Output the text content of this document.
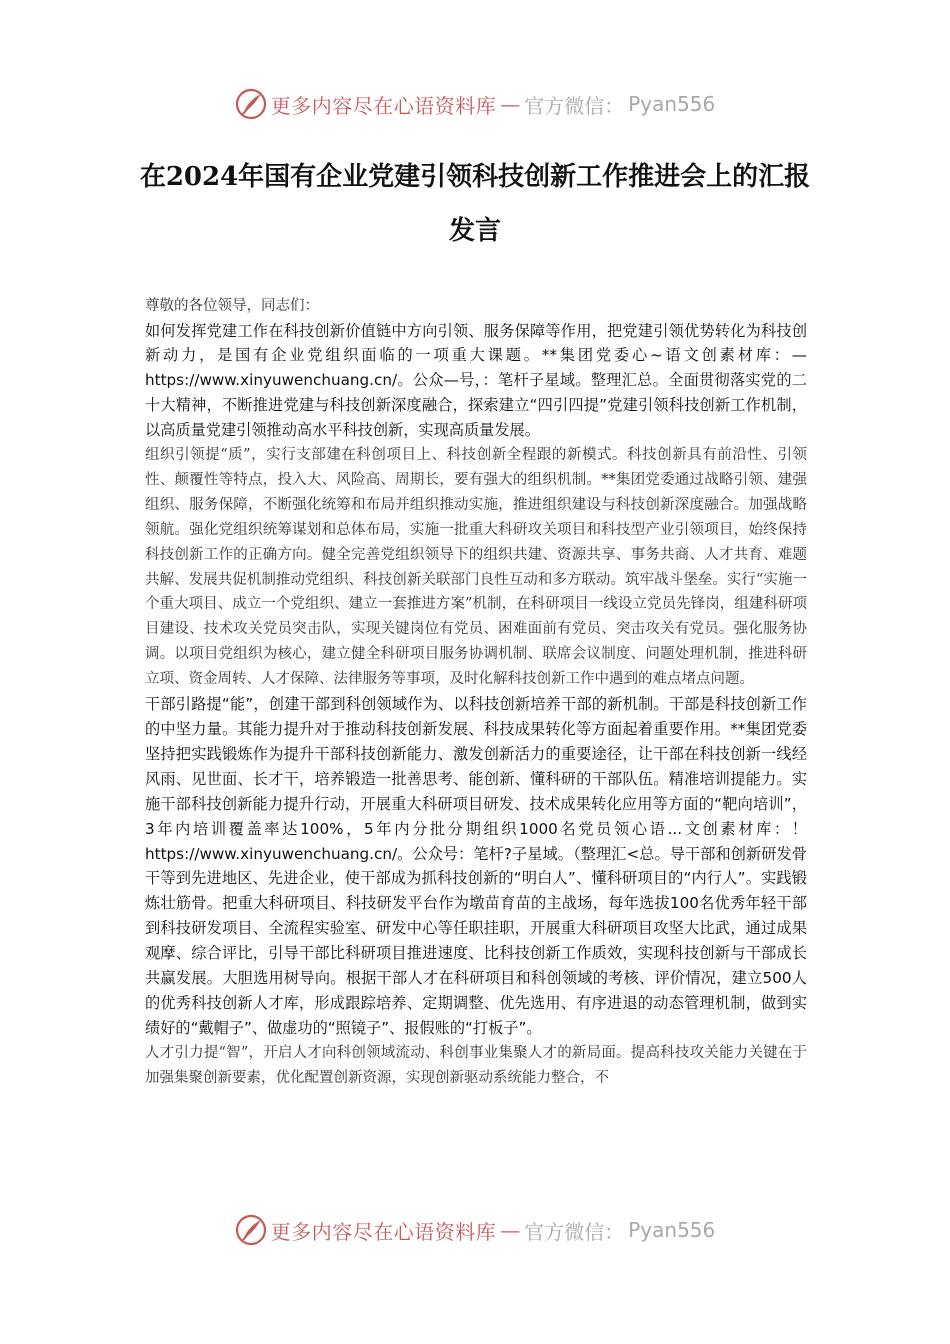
更多内容尽在心语资料库 — 官方微信： Pyan556
在2024年国有企业党建引领科技创新工作推进会上的汇报发言

尊敬的各位领导，同志们：

如何发挥党建工作在科技创新价值链中方向引领、服务保障等作用，把党建引领优势转化为科技创新动力，是国有企业党组织面临的一项重大课题。**集团党委心~语文创素材库：—https://www.xinyuwenchuang.cn/。公众—号，：笔杆子星域。整理汇总。全面贯彻落实党的二十大精神，不断推进党建与科技创新深度融合，探索建立“四引四提”党建引领科技创新工作机制，以高质量党建引领推动高水平科技创新，实现高质量发展。

组织引领提“质”，实行支部建在科创项目上、科技创新全程跟的新模式。科技创新具有前沿性、引领性、颠覆性等特点，投入大、风险高、周期长，要有强大的组织机制。**集团党委通过战略引领、建强组织、服务保障，不断强化统筹和布局并组织推动实施，推进组织建设与科技创新深度融合。加强战略领航。强化党组织统筹谋划和总体布局，实施一批重大科研攻关项目和科技型产业引领项目，始终保持科技创新工作的正确方向。健全完善党组织领导下的组织共建、资源共享、事务共商、人才共育、难题共解、发展共促机制推动党组织、科技创新关联部门良性互动和多方联动。筑牢战斗堡垒。实行“实施一个重大项目、成立一个党组织、建立一套推进方案”机制，在科研项目一线设立党员先锋岗，组建科研项目建设、技术攻关党员突击队，实现关键岗位有党员、困难面前有党员、突击攻关有党员。强化服务协调。以项目党组织为核心，建立健全科研项目服务协调机制、联席会议制度、问题处理机制，推进科研立项、资金周转、人才保障、法律服务等事项，及时化解科技创新工作中遇到的难点堵点问题。

干部引路提“能”，创建干部到科创领域作为、以科技创新培养干部的新机制。干部是科技创新工作的中坚力量。其能力提升对于推动科技创新发展、科技成果转化等方面起着重要作用。**集团党委坚持把实践锻炼作为提升干部科技创新能力、激发创新活力的重要途径，让干部在科技创新一线经风雨、见世面、长才干，培养锻造一批善思考、能创新、懂科研的干部队伍。精准培训提能力。实施干部科技创新能力提升行动，开展重大科研项目研发、技术成果转化应用等方面的“靶向培训”，3年内培训覆盖率达100%，5年内分批分期组织1000名党员领心语...文创素材库：！https://www.xinyuwenchuang.cn/。公众号：笔杆?子星域。（整理汇<总。导干部和创新研发骨干等到先进地区、先进企业，使干部成为抓科技创新的“明白人”、懂科研项目的“内行人”。实践锻炼壮筋骨。把重大科研项目、科技研发平台作为墩苗育苗的主战场，每年选拔100名优秀年轻干部到科技研发项目、全流程实验室、研发中心等任职挂职，开展重大科研项目攻坚大比武，通过成果观摩、综合评比，引导干部比科研项目推进速度、比科技创新工作质效，实现科技创新与干部成长共赢发展。大胆选用树导向。根据干部人才在科研项目和科创领域的考核、评价情况，建立500人的优秀科技创新人才库，形成跟踪培养、定期调整、优先选用、有序进退的动态管理机制，做到实绩好的“戴帽子”、做虚功的“照镜子”、报假账的“打板子”。

人才引力提“智”，开启人才向科创领域流动、科创事业集聚人才的新局面。提高科技攻关能力关键在于加强集聚创新要素，优化配置创新资源，实现创新驱动系统能力整合，不

更多内容尽在心语资料库 — 官方微信： Pyan556
